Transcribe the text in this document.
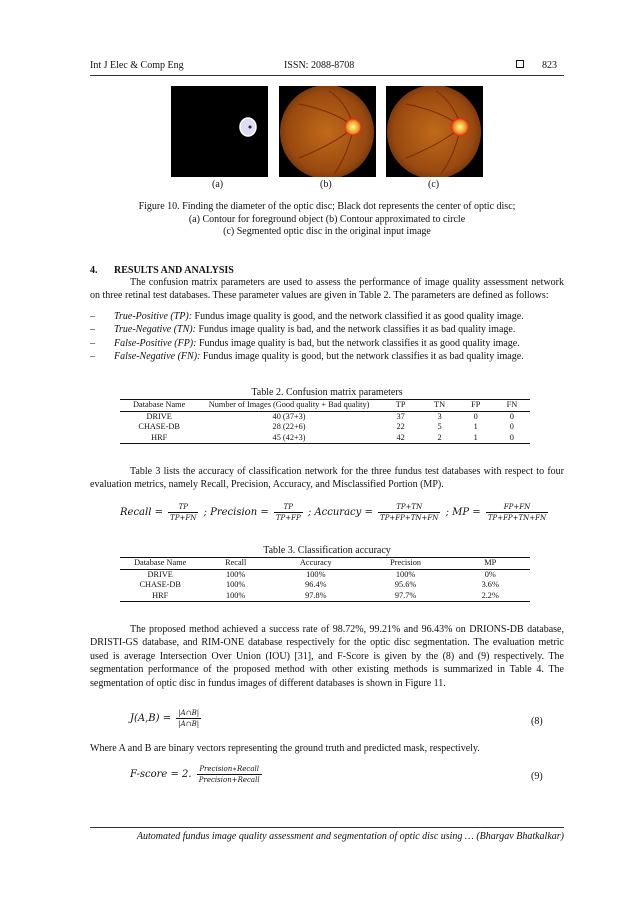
Int J Elec & Comp Eng	ISSN: 2088-8708	823
(a)	(b)	(c)
Figure 10. Finding the diameter of the optic disc; Black dot represents the center of optic disc;
(a) Contour for foreground object (b) Contour approximated to circle
(c) Segmented optic disc in the original input image
4. RESULTS AND ANALYSIS
The confusion matrix parameters are used to assess the performance of image quality assessment network on three retinal test databases. These parameter values are given in Table 2. The parameters are defined as follows:
– True-Positive (TP): Fundus image quality is good, and the network classified it as good quality image.
– True-Negative (TN): Fundus image quality is bad, and the network classifies it as bad quality image.
– False-Positive (FP): Fundus image quality is bad, but the network classifies it as good quality image.
– False-Negative (FN): Fundus image quality is good, but the network classifies it as bad quality image.
Table 2. Confusion matrix parameters
Database Name	Number of Images (Good quality + Bad quality)	TP	TN	FP	FN
DRIVE	40 (37+3)	37	3	0	0
CHASE-DB	28 (22+6)	22	5	1	0
HRF	45 (42+3)	42	2	1	0
Table 3 lists the accuracy of classification network for the three fundus test databases with respect to four evaluation metrics, namely Recall, Precision, Accuracy, and Misclassified Portion (MP).
Recall = $\frac{TP}{TP+FN}$ ; Precision = $\frac{TP}{TP+FP}$ ; Accuracy = $\frac{TP+TN}{TP+FP+TN+FN}$ ; MP = $\frac{FP+FN}{TP+FP+TN+FN}$
Table 3. Classification accuracy
Database Name	Recall	Accuracy	Precision	MP
DRIVE	100%	100%	100%	0%
CHASE-DB	100%	96.4%	95.6%	3.6%
HRF	100%	97.8%	97.7%	2.2%
The proposed method achieved a success rate of 98.72%, 99.21% and 96.43% on DRIONS-DB database, DRISTI-GS database, and RIM-ONE database respectively for the optic disc segmentation. The evaluation metric used is average Intersection Over Union (IOU) [31], and F-Score is given by the (8) and (9) respectively. The segmentation performance of the proposed method with other existing methods is summarized in Table 4. The segmentation of optic disc in fundus images of different databases is shown in Figure 11.
$J(A,B) = \frac{|A\cap B|}{|A\cap B|}$	(8)
Where A and B are binary vectors representing the ground truth and predicted mask, respectively.
F-score = 2. $\frac{\text{Precision∗Recall}}{\text{Precision+Recall}}$	(9)
Automated fundus image quality assessment and segmentation of optic disc using … (Bhargav Bhatkalkar)
